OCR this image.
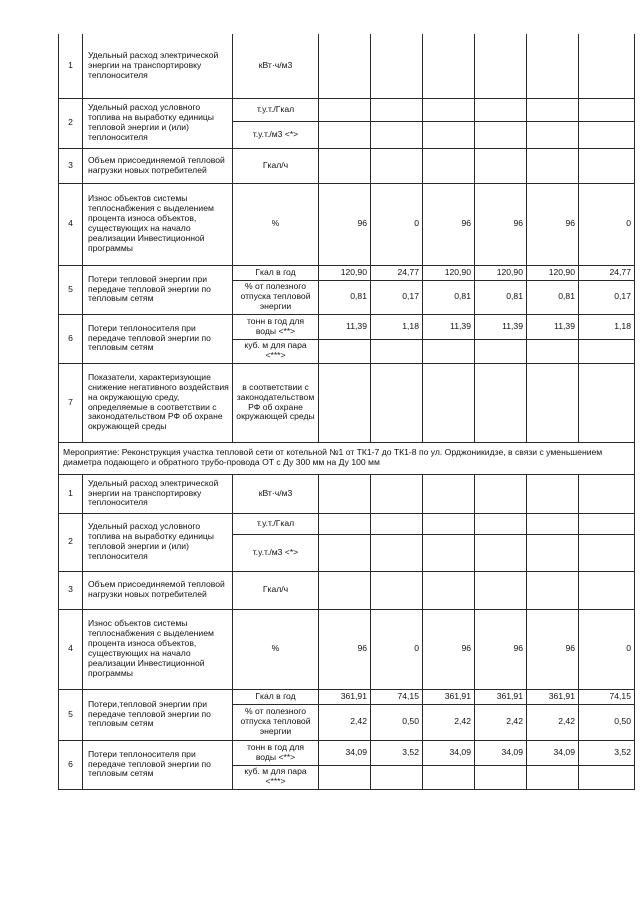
1	Удельный расход электрической энергии на транспортировку теплоносителя	кВт·ч/м3						
2	Удельный расход условного топлива на выработку единицы тепловой энергии и (или) теплоносителя	т.у.т./Гкал						
		т.у.т./м3 <*>						
3	Объем присоединяемой тепловой нагрузки новых потребителей	Гкал/ч						
4	Износ объектов системы теплоснабжения с выделением процента износа объектов, существующих на начало реализации Инвестиционной программы	%	96	0	96	96	96	0
5	Потери тепловой энергии при передаче тепловой энергии по тепловым сетям	Гкал в год	120,90	24,77	120,90	120,90	120,90	24,77
		% от полезного отпуска тепловой энергии	0,81	0,17	0,81	0,81	0,81	0,17
6	Потери теплоносителя при передаче тепловой энергии по тепловым сетям	тонн в год для воды <**>	11,39	1,18	11,39	11,39	11,39	1,18
		куб. м для пара <***>						
7	Показатели, характеризующие снижение негативного воздействия на окружающую среду, определяемые в соответствии с законодательством РФ об охране окружающей среды	в соответствии с законодательством РФ об охране окружающей среды						
Мероприятие: Реконструкция участка тепловой сети от котельной №1 от ТК1-7 до ТК1-8 по ул. Орджоникидзе, в связи с уменьшением диаметра подающего и обратного трубо-провода ОТ с Ду 300 мм на Ду 100 мм								
1	Удельный расход электрической энергии на транспортировку теплоносителя	кВт·ч/м3						
2	Удельный расход условного топлива на выработку единицы тепловой энергии и (или) теплоносителя	т.у.т./Гкал						
		т.у.т./м3 <*>						
3	Объем присоединяемой тепловой нагрузки новых потребителей	Гкал/ч						
4	Износ объектов системы теплоснабжения с выделением процента износа объектов, существующих на начало реализации Инвестиционной программы	%	96	0	96	96	96	0
5	Потери,тепловой энергии при передаче тепловой энергии по тепловым сетям	Гкал в год	361,91	74,15	361,91	361,91	361,91	74,15
		% от полезного отпуска тепловой энергии	2,42	0,50	2,42	2,42	2,42	0,50
6	Потери теплоносителя при передаче тепловой энергии по тепловым сетям	тонн в год для воды <**>	34,09	3,52	34,09	34,09	34,09	3,52
		куб. м для пара <***>						
